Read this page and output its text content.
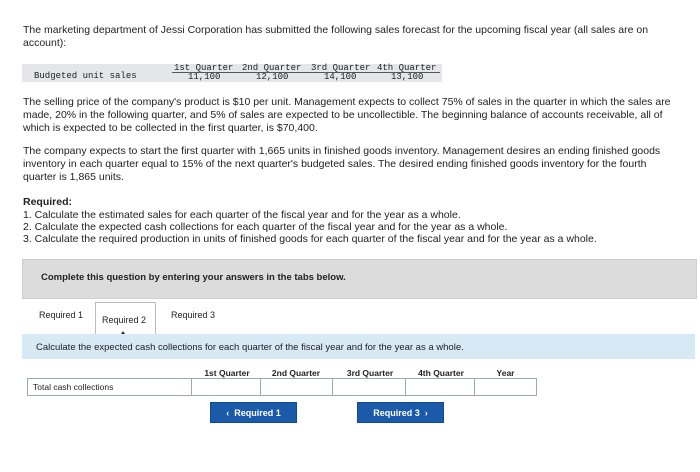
The marketing department of Jessi Corporation has submitted the following sales forecast for the upcoming fiscal year (all sales are on account):

Budgeted unit sales
1st Quarter 2nd Quarter 3rd Quarter 4th Quarter
11,100	12,100	14,100	13,100

The selling price of the company's product is $10 per unit. Management expects to collect 75% of sales in the quarter in which the sales are made, 20% in the following quarter, and 5% of sales are expected to be uncollectible. The beginning balance of accounts receivable, all of which is expected to be collected in the first quarter, is $70,400.

The company expects to start the first quarter with 1,665 units in finished goods inventory. Management desires an ending finished goods inventory in each quarter equal to 15% of the next quarter's budgeted sales. The desired ending finished goods inventory for the fourth quarter is 1,865 units.

Required:

1. Calculate the estimated sales for each quarter of the fiscal year and for the year as a whole.

2. Calculate the expected cash collections for each quarter of the fiscal year and for the year as a whole.

3. Calculate the required production in units of finished goods for each quarter of the fiscal year and for the year as a whole.

Complete this question by entering your answers in the tabs below.
Required 1	Required 2	Required 3
Calculate the expected cash collections for each quarter of the fiscal year and for the year as a whole.
1st Quarter	2nd Quarter	3rd Quarter	4th Quarter	Year
Total cash collections
‹ Required 1	Required 3 ›
